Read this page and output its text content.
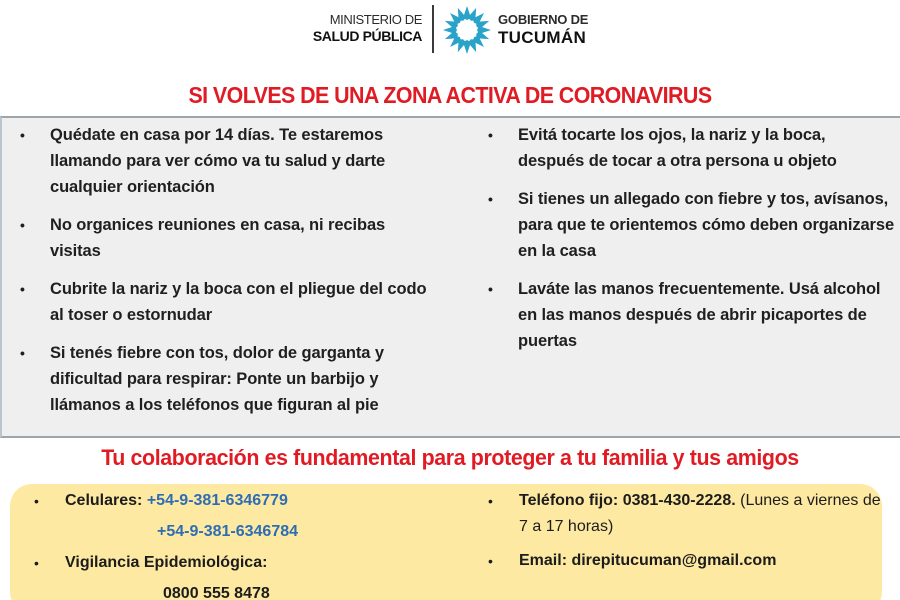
MINISTERIO DE
SALUD PÚBLICA
GOBIERNO DE
TUCUMÁN
SI VOLVES DE UNA ZONA ACTIVA DE CORONAVIRUS
• Quédate en casa por 14 días. Te estaremos llamando para ver cómo va tu salud y darte cualquier orientación
• No organices reuniones en casa, ni recibas visitas
• Cubrite la nariz y la boca con el pliegue del codo al toser o estornudar
• Si tenés fiebre con tos, dolor de garganta y dificultad para respirar: Ponte un barbijo y llámanos a los teléfonos que figuran al pie
• Evitá tocarte los ojos, la nariz y la boca, después de tocar a otra persona u objeto
• Si tienes un allegado con fiebre y tos, avísanos, para que te orientemos cómo deben organizarse en la casa
• Laváte las manos frecuentemente. Usá alcohol en las manos después de abrir picaportes de puertas
Tu colaboración es fundamental para proteger a tu familia y tus amigos
• Celulares: +54-9-381-6346779
+54-9-381-6346784
• Vigilancia Epidemiológica:
0800 555 8478
• Teléfono fijo: 0381-430-2228. (Lunes a viernes de 7 a 17 horas)
• Email: direpitucuman@gmail.com
